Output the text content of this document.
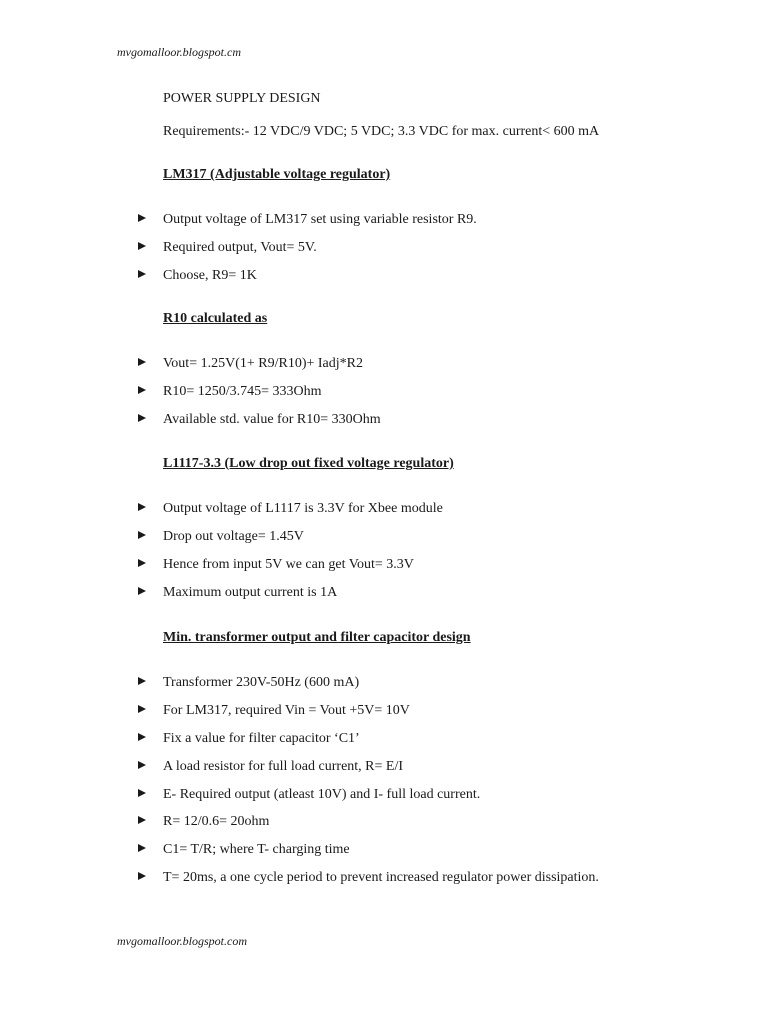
mvgomalloor.blogspot.cm
POWER SUPPLY DESIGN
Requirements:- 12 VDC/9 VDC; 5 VDC; 3.3 VDC for max. current< 600 mA
LM317 (Adjustable voltage regulator)
Output voltage of LM317 set using variable resistor R9.
Required output, Vout= 5V.
Choose, R9= 1K
R10 calculated as
Vout= 1.25V(1+ R9/R10)+ Iadj*R2
R10= 1250/3.745= 333Ohm
Available std. value for R10= 330Ohm
L1117-3.3 (Low drop out fixed voltage regulator)
Output voltage of L1117 is 3.3V for Xbee module
Drop out voltage= 1.45V
Hence from input 5V we can get Vout= 3.3V
Maximum output current is 1A
Min. transformer output and filter capacitor design
Transformer 230V-50Hz (600 mA)
For LM317, required Vin = Vout +5V= 10V
Fix a value for filter capacitor ‘C1’
A load resistor for full load current, R= E/I
E- Required output (atleast 10V) and I- full load current.
R= 12/0.6= 20ohm
C1= T/R; where T- charging time
T= 20ms, a one cycle period to prevent increased regulator power dissipation.
mvgomalloor.blogspot.com
